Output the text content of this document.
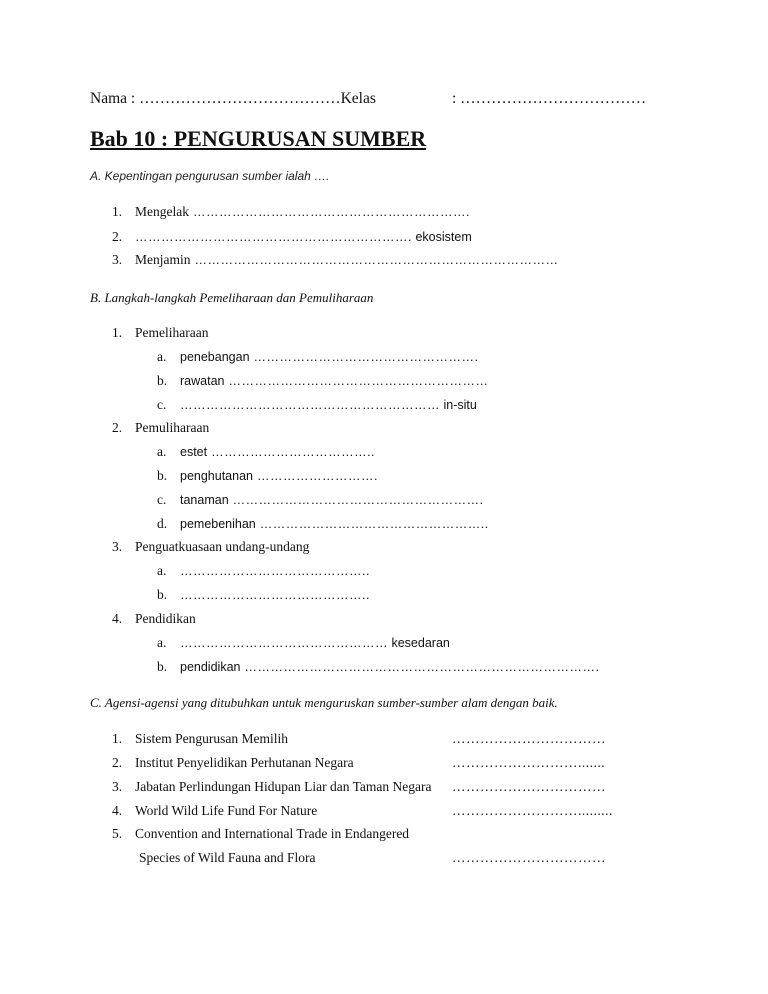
Nama : …………………………………Kelas	: ………………………………
Bab 10 : PENGURUSAN SUMBER
A. Kepentingan pengurusan sumber ialah ….
1. Mengelak ……………………………………………………….
2. ………………………………………………………. ekosistem
3. Menjamin …………………………………………………………………………
B. Langkah-langkah Pemeliharaan dan Pemuliharaan
1. Pemeliharaan
a. penebangan …………………………………………….
b. rawatan ……………………………………………………
c. …………………………………………………… in-situ
2. Pemuliharaan
a. estet ………………………………..
b. penghutanan ……………………….
c. tanaman ………………………………………………….
d. pemebenihan ……………………………………………..
3. Penguatkuasaan undang-undang
a. ……………………………………..
b. ……………………………………..
4. Pendidikan
a. ………………………………………… kesedaran
b. pendidikan ……………………………………………………………………….
C. Agensi-agensi yang ditubuhkan untuk menguruskan sumber-sumber alam dengan baik.
1. Sistem Pengurusan Memilih	……………………………
2. Institut Penyelidikan Perhutanan Negara	……………………….......
3. Jabatan Perlindungan Hidupan Liar dan Taman Negara ……………………………
4. World Wild Life Fund For Nature	……………………….........
5. Convention and International Trade in Endangered
Species of Wild Fauna and Flora	……………………………
